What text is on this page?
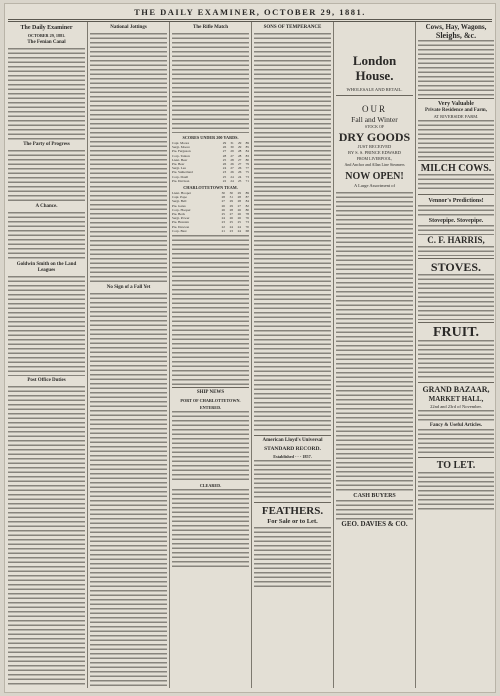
THE DAILY EXAMINER, OCTOBER 29, 1881.
The Daily Examiner
OCTOBER 29, 1881.
The Fenian Canal
The Party of Progress
A Chance.
Goldwin Smith on the Land Leagues
Post Office Duties
National Jottings
No Sign of a Fall Yet
The Rifle Match
SCORES UNDER 200 YARDS.
Capt. Moore	29	31	29	89
Sergt. Moore	26	30	29	85
Pte. Ferguson	27	29	28	84
Corp. Tanton	28	27	28	83
Lieut. Beer	25	28	27	80
Pte. Beer	26	26	27	79
Sergt. Lea	24	27	26	77
Pte. Sutherland	23	26	26	75
Corp. Doull	25	24	24	73
Pte. Davison	22	24	25	71
CHARLOTTETOWN TEAM.
Lieut. Hooper	30	30	29	89
Capt. Pope	28	31	28	87
Sergt. Bell	27	29	28	84
Pte. Gates	26	29	27	82
Corp. Hooper	26	28	26	80
Pte. Beck	25	27	26	78
Sergt. Power	24	26	26	76
Pte. Hessian	23	25	25	73
Pte. Dawson	22	24	24	70
Corp. Best	21	23	24	68
SHIP NEWS
PORT OF CHARLOTTETOWN.
ENTERED.
CLEARED.
SONS OF TEMPERANCE
American Lloyd's Universal
STANDARD RECORD.
Established - - - 1857.
FEATHERS.
For Sale or to Let.
London House.
WHOLESALE AND RETAIL.
OUR
Fall and Winter
STOCK OF
DRY GOODS
JUST RECEIVED
BY S. S. PRINCE EDWARD
FROM LIVERPOOL,
And Anchor and Allan Line Steamers
NOW OPEN!
A Large Assortment of
CASH BUYERS
GEO. DAVIES & CO.
Cows, Hay, Wagons,
Sleighs, &c.
Very Valuable
Private Residence and Farm,
AT RIVERSIDE FARM.
MILCH COWS.
Vennor's Predictions!
Stovepipe. Stovepipe.
C. F. HARRIS,
STOVES.
FRUIT.
GRAND BAZAAR,
MARKET HALL,
22nd and 23rd of November.
Fancy & Useful Articles.
TO LET.
